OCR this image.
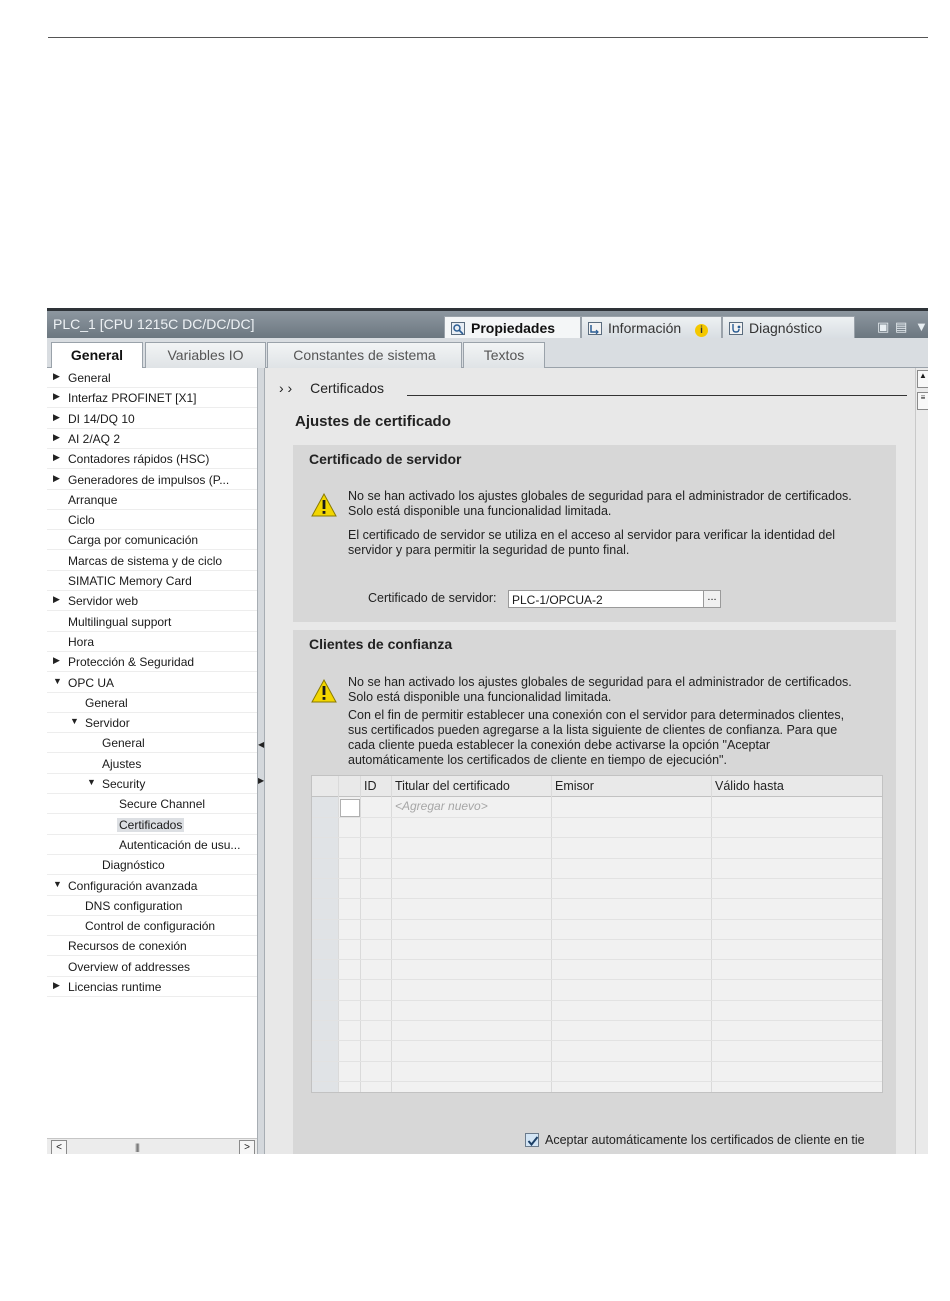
PLC_1 [CPU 1215C DC/DC/DC]	Propiedades	Información i	Diagnóstico	▣ ▤ ▼
General	Variables IO	Constantes de sistema	Textos
▶ General
▶ Interfaz PROFINET [X1]
▶ DI 14/DQ 10
▶ AI 2/AQ 2
▶ Contadores rápidos (HSC)
▶ Generadores de impulsos (P...
Arranque
Ciclo
Carga por comunicación
Marcas de sistema y de ciclo
SIMATIC Memory Card
▶ Servidor web
Multilingual support
Hora
▶ Protección & Seguridad
▼ OPC UA
General
▼ Servidor
General
Ajustes
▼ Security
Secure Channel
Certificados
Autenticación de usu...
Diagnóstico
▼ Configuración avanzada
DNS configuration
Control de configuración
Recursos de conexión
Overview of addresses
▶ Licencias runtime
<	|||	>
◀
▶
› › Certificados
Ajustes de certificado
Certificado de servidor
No se han activado los ajustes globales de seguridad para el administrador de certificados.
Solo está disponible una funcionalidad limitada.
El certificado de servidor se utiliza en el acceso al servidor para verificar la identidad del
servidor y para permitir la seguridad de punto final.
Certificado de servidor:	PLC-1/OPCUA-2	...
Clientes de confianza
No se han activado los ajustes globales de seguridad para el administrador de certificados.
Solo está disponible una funcionalidad limitada.
Con el fin de permitir establecer una conexión con el servidor para determinados clientes,
sus certificados pueden agregarse a la lista siguiente de clientes de confianza. Para que
cada cliente pueda establecer la conexión debe activarse la opción "Aceptar
automáticamente los certificados de cliente en tiempo de ejecución".
ID Titular del certificado	Emisor	Válido hasta
<Agregar nuevo>
Aceptar automáticamente los certificados de cliente en tie
▲
≡
